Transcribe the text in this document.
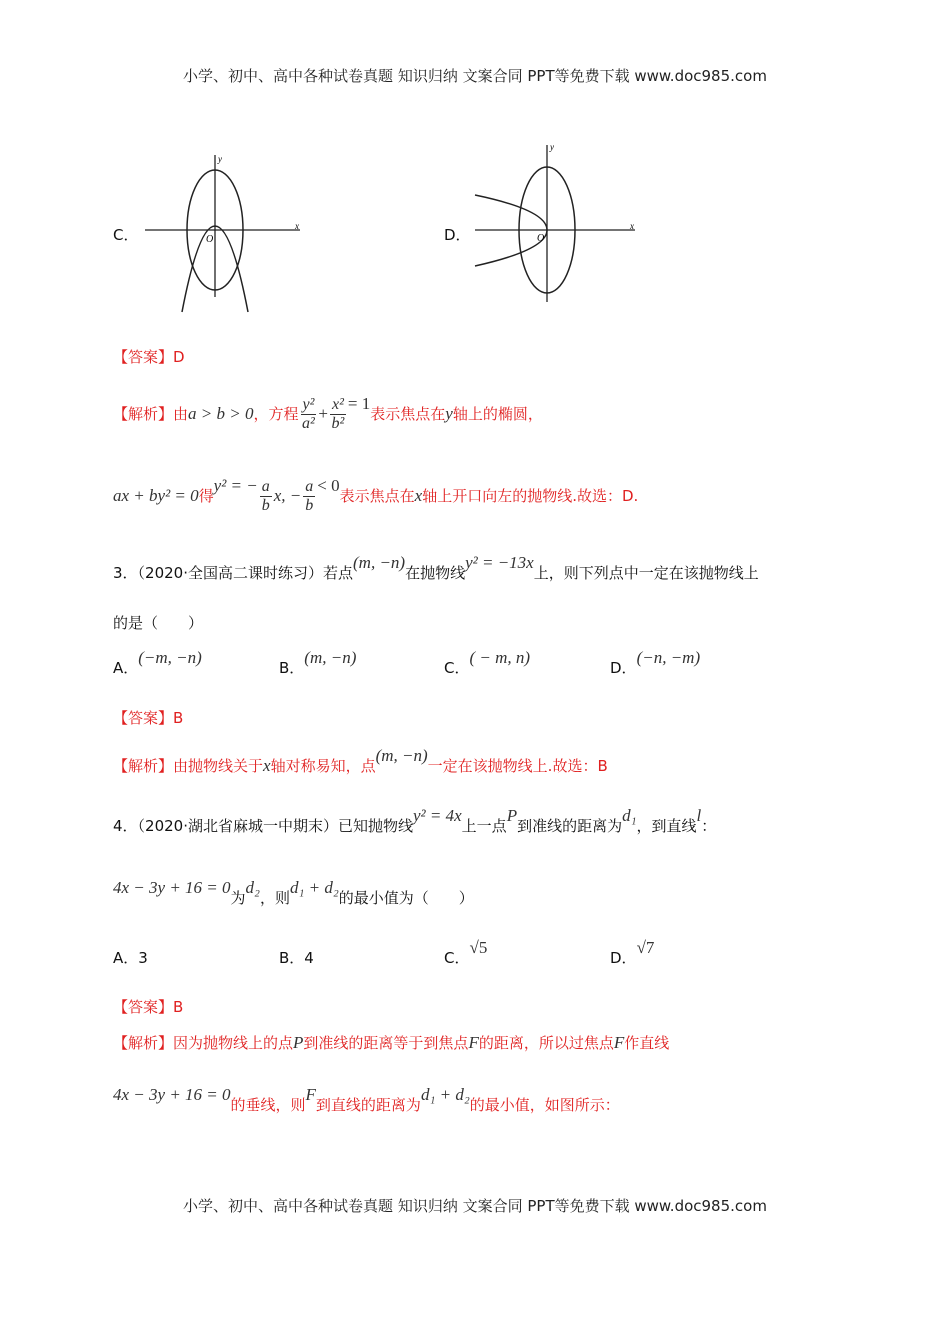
小学、初中、高中各种试卷真题 知识归纳 文案合同 PPT等免费下载 www.doc985.com
C．
y
x
O	D．
y
x
O
【答案】D
【解析】由a > b > 0，方程 $\frac{\text{y²}}{\text{a²}} + \frac{\text{x²}}{\text{b²}} = 1$表示焦点在y轴上的椭圆，
ax + by² = 0得y² = − $\frac{a}{b} x$, − $\frac{a}{b} < 0$表示焦点在x轴上开口向左的抛物线.故选：D.
3．（2020·全国高二课时练习）若点(m, −n)在抛物线y² = −13x上，则下列点中一定在该抛物线上
的是（　　）
A．(−m, −n)
B．(m, −n)
C．( − m, n)
D．(−n, −m)
【答案】B
【解析】由抛物线关于x轴对称易知，点(m, −n)一定在该抛物线上.故选：B
4．（2020·湖北省麻城一中期末）已知抛物线y² = 4x上一点P到准线的距离为d₁，到直线l：
4x − 3y + 16 = 0为d₂，则d₁ + d₂的最小值为（　　）
A．3	B．4	C．√5
D．√7
【答案】B
【解析】因为抛物线上的点P到准线的距离等于到焦点F的距离，所以过焦点F作直线
4x − 3y + 16 = 0的垂线，则F到直线的距离为d₁ + d₂的最小值，如图所示：
小学、初中、高中各种试卷真题 知识归纳 文案合同 PPT等免费下载 www.doc985.com
